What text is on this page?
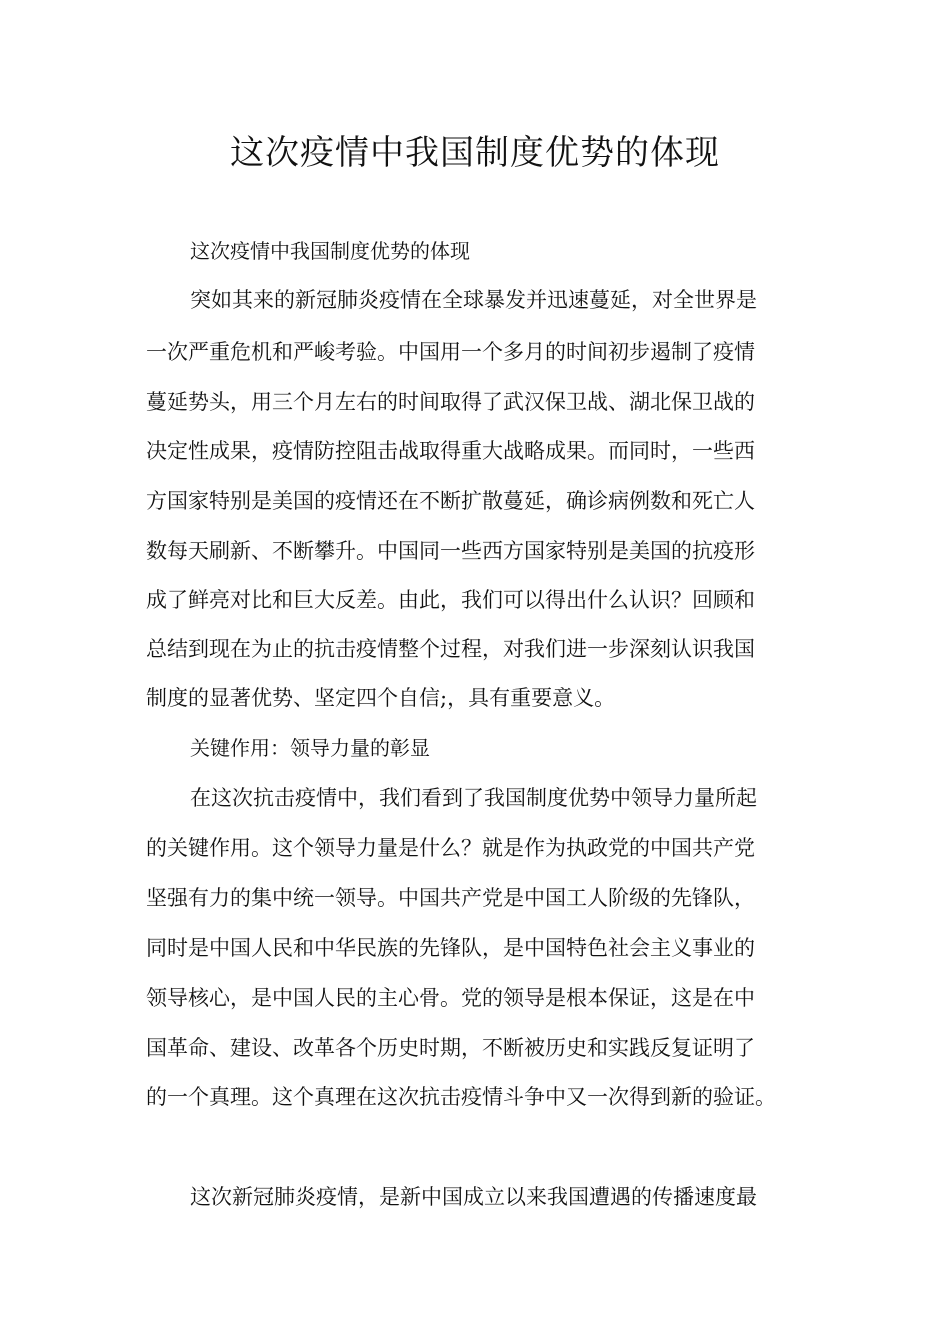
这次疫情中我国制度优势的体现
这次疫情中我国制度优势的体现
突如其来的新冠肺炎疫情在全球暴发并迅速蔓延，对全世界是
一次严重危机和严峻考验。中国用一个多月的时间初步遏制了疫情
蔓延势头，用三个月左右的时间取得了武汉保卫战、湖北保卫战的
决定性成果，疫情防控阻击战取得重大战略成果。而同时，一些西
方国家特别是美国的疫情还在不断扩散蔓延，确诊病例数和死亡人
数每天刷新、不断攀升。中国同一些西方国家特别是美国的抗疫形
成了鲜亮对比和巨大反差。由此，我们可以得出什么认识？回顾和
总结到现在为止的抗击疫情整个过程，对我们进一步深刻认识我国
制度的显著优势、坚定四个自信;，具有重要意义。
关键作用：领导力量的彰显
在这次抗击疫情中，我们看到了我国制度优势中领导力量所起
的关键作用。这个领导力量是什么？就是作为执政党的中国共产党
坚强有力的集中统一领导。中国共产党是中国工人阶级的先锋队，
同时是中国人民和中华民族的先锋队，是中国特色社会主义事业的
领导核心，是中国人民的主心骨。党的领导是根本保证，这是在中
国革命、建设、改革各个历史时期，不断被历史和实践反复证明了
的一个真理。这个真理在这次抗击疫情斗争中又一次得到新的验证。
这次新冠肺炎疫情，是新中国成立以来我国遭遇的传播速度最
